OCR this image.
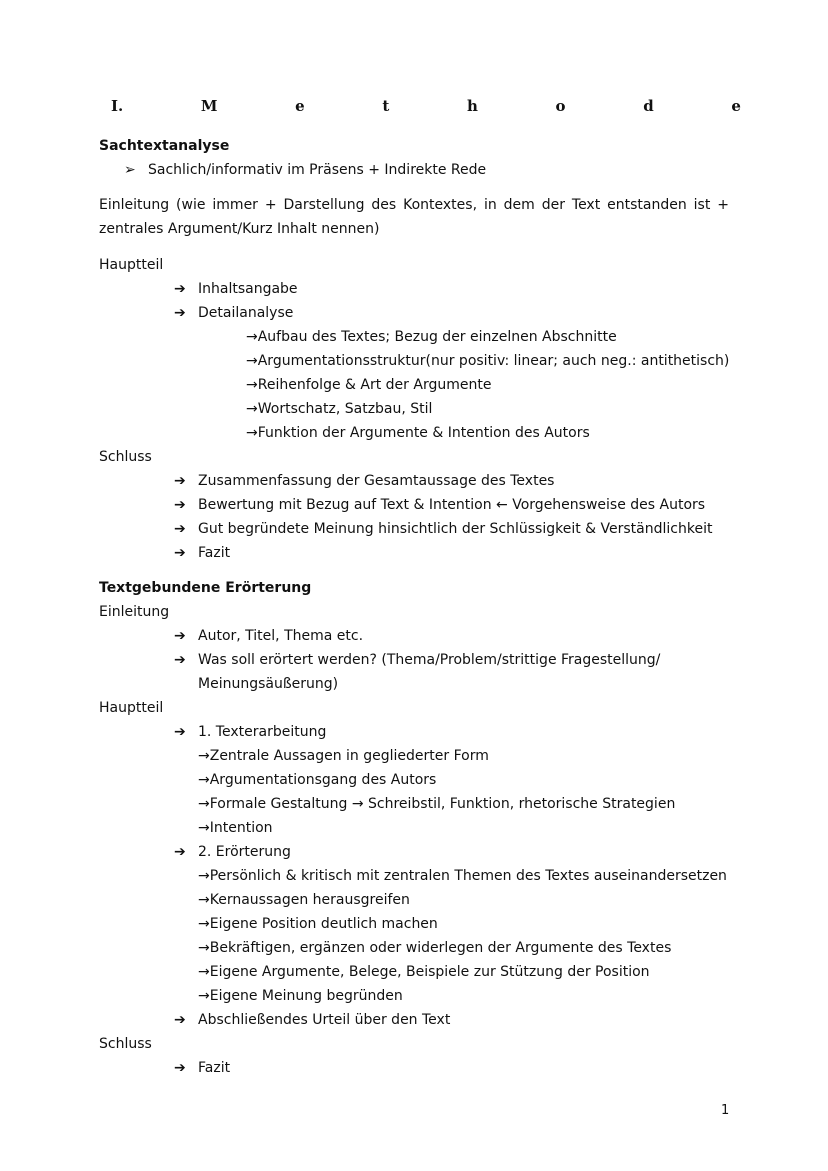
I.	M	e	t	h	o	d	e
Sachtextanalyse
➢ Sachlich/informativ im Präsens + Indirekte Rede
Einleitung (wie immer + Darstellung des Kontextes, in dem der Text entstanden ist + zentrales Argument/Kurz Inhalt nennen)
Hauptteil
➔ Inhaltsangabe
➔ Detailanalyse
→Aufbau des Textes; Bezug der einzelnen Abschnitte
→Argumentationsstruktur(nur positiv: linear; auch neg.: antithetisch)
→Reihenfolge & Art der Argumente
→Wortschatz, Satzbau, Stil
→Funktion der Argumente & Intention des Autors
Schluss
➔ Zusammenfassung der Gesamtaussage des Textes
➔ Bewertung mit Bezug auf Text & Intention ← Vorgehensweise des Autors
➔ Gut begründete Meinung hinsichtlich der Schlüssigkeit & Verständlichkeit
➔ Fazit
Textgebundene Erörterung
Einleitung
➔ Autor, Titel, Thema etc.
➔ Was soll erörtert werden? (Thema/Problem/strittige Fragestellung/
Meinungsäußerung)
Hauptteil
➔ 1. Texterarbeitung
→Zentrale Aussagen in gegliederter Form
→Argumentationsgang des Autors
→Formale Gestaltung → Schreibstil, Funktion, rhetorische Strategien
→Intention
➔ 2. Erörterung
→Persönlich & kritisch mit zentralen Themen des Textes auseinandersetzen
→Kernaussagen herausgreifen
→Eigene Position deutlich machen
→Bekräftigen, ergänzen oder widerlegen der Argumente des Textes
→Eigene Argumente, Belege, Beispiele zur Stützung der Position
→Eigene Meinung begründen
➔ Abschließendes Urteil über den Text
Schluss
➔ Fazit
1
